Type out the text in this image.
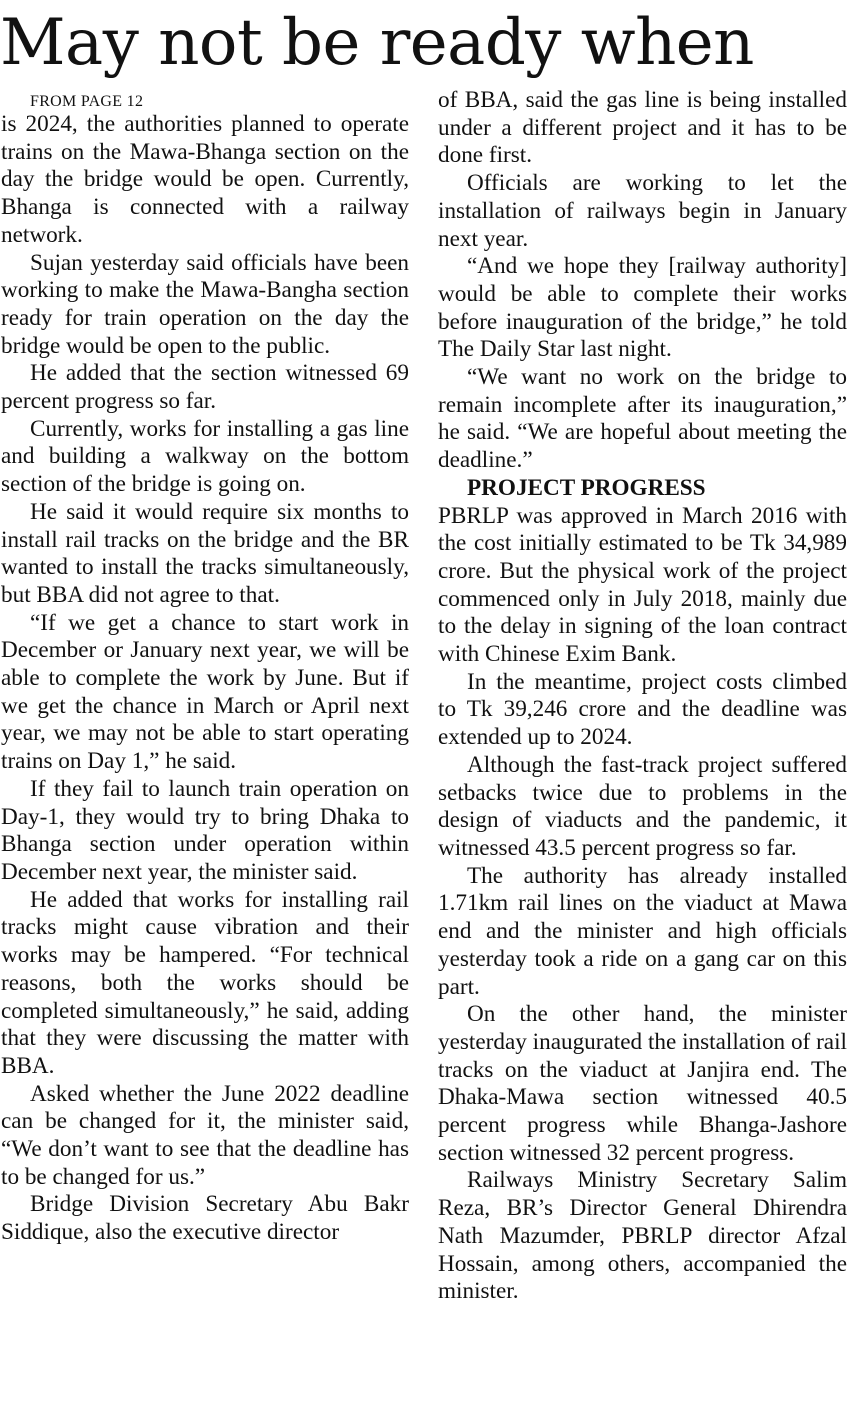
May not be ready when

FROM PAGE 12

is 2024, the authorities planned to operate trains on the Mawa-Bhanga section on the day the bridge would be open. Currently, Bhanga is connected with a railway network.

Sujan yesterday said officials have been working to make the Mawa-Bangha section ready for train operation on the day the bridge would be open to the public.

He added that the section witnessed 69 percent progress so far.

Currently, works for installing a gas line and building a walkway on the bottom section of the bridge is going on.

He said it would require six months to install rail tracks on the bridge and the BR wanted to install the tracks simultaneously, but BBA did not agree to that.

“If we get a chance to start work in December or January next year, we will be able to complete the work by June. But if we get the chance in March or April next year, we may not be able to start operating trains on Day 1,” he said.

If they fail to launch train operation on Day-1, they would try to bring Dhaka to Bhanga section under operation within December next year, the minister said.

He added that works for installing rail tracks might cause vibration and their works may be hampered. “For technical reasons, both the works should be completed simultaneously,” he said, adding that they were discussing the matter with BBA.

Asked whether the June 2022 deadline can be changed for it, the minister said, “We don’t want to see that the deadline has to be changed for us.”

Bridge Division Secretary Abu Bakr Siddique, also the executive director

of BBA, said the gas line is being installed under a different project and it has to be done first.

Officials are working to let the installation of railways begin in January next year.

“And we hope they [railway authority] would be able to complete their works before inauguration of the bridge,” he told The Daily Star last night.

“We want no work on the bridge to remain incomplete after its inauguration,” he said. “We are hopeful about meeting the deadline.”

PROJECT PROGRESS

PBRLP was approved in March 2016 with the cost initially estimated to be Tk 34,989 crore. But the physical work of the project commenced only in July 2018, mainly due to the delay in signing of the loan contract with Chinese Exim Bank.

In the meantime, project costs climbed to Tk 39,246 crore and the deadline was extended up to 2024.

Although the fast-track project suffered setbacks twice due to problems in the design of viaducts and the pandemic, it witnessed 43.5 percent progress so far.

The authority has already installed 1.71km rail lines on the viaduct at Mawa end and the minister and high officials yesterday took a ride on a gang car on this part.

On the other hand, the minister yesterday inaugurated the installation of rail tracks on the viaduct at Janjira end. The Dhaka-Mawa section witnessed 40.5 percent progress while Bhanga-Jashore section witnessed 32 percent progress.

Railways Ministry Secretary Salim Reza, BR’s Director General Dhirendra Nath Mazumder, PBRLP director Afzal Hossain, among others, accompanied the minister.
